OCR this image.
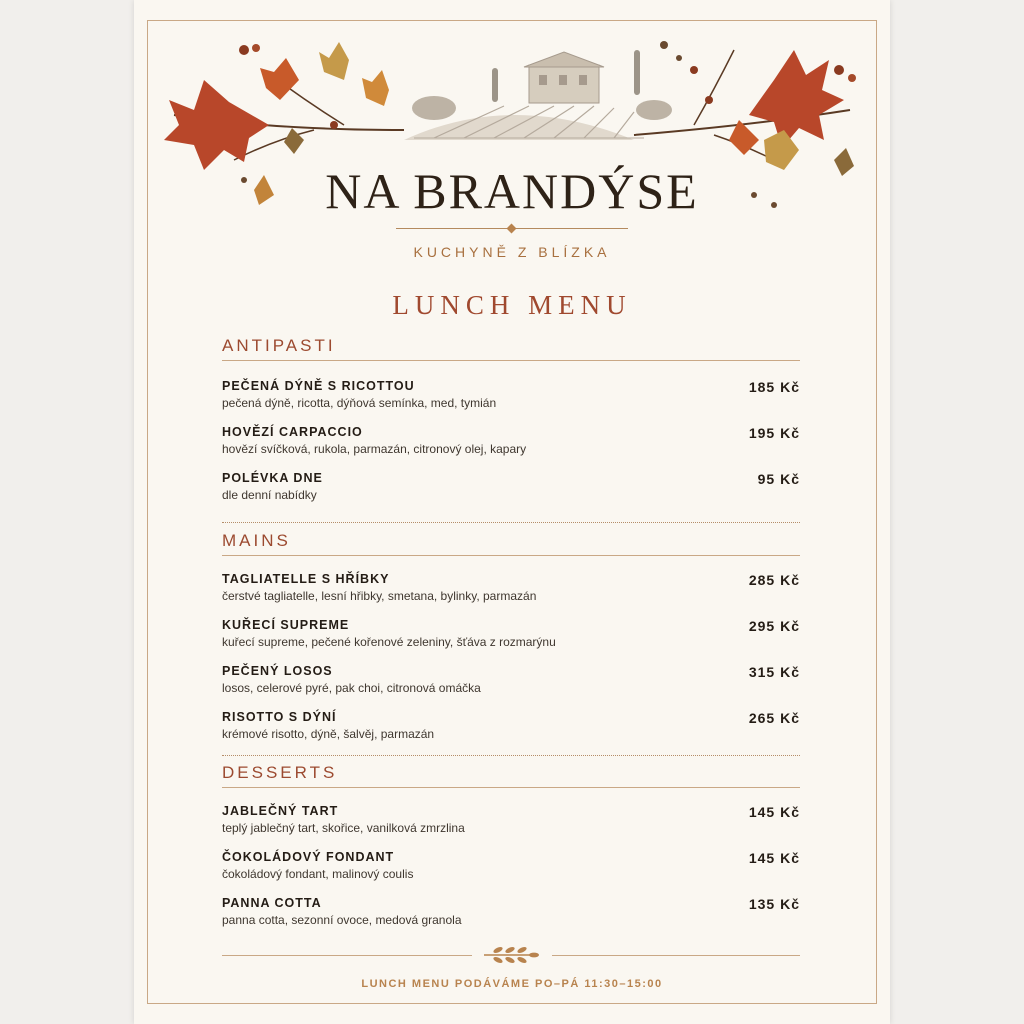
NA BRANDÝSE
KUCHYNĚ Z BLÍZKA
LUNCH MENU
ANTIPASTI
PEČENÁ DÝNĚ S RICOTTOU
pečená dýně, ricotta, dýňová semínka, med, tymián
185 Kč
HOVĚZÍ CARPACCIO
hovězí svíčková, rukola, parmazán, citronový olej, kapary
195 Kč
POLÉVKA DNE
dle denní nabídky
95 Kč
MAINS
TAGLIATELLE S HŘÍBKY
čerstvé tagliatelle, lesní hřibky, smetana, bylinky, parmazán
285 Kč
KUŘECÍ SUPREME
kuřecí supreme, pečené kořenové zeleniny, šťáva z rozmarýnu
295 Kč
PEČENÝ LOSOS
losos, celerové pyré, pak choi, citronová omáčka
315 Kč
RISOTTO S DÝNÍ
krémové risotto, dýně, šalvěj, parmazán
265 Kč
DESSERTS
JABLEČNÝ TART
teplý jablečný tart, skořice, vanilková zmrzlina
145 Kč
ČOKOLÁDOVÝ FONDANT
čokoládový fondant, malinový coulis
145 Kč
PANNA COTTA
panna cotta, sezonní ovoce, medová granola
135 Kč
LUNCH MENU PODÁVÁME PO–PÁ 11:30–15:00
